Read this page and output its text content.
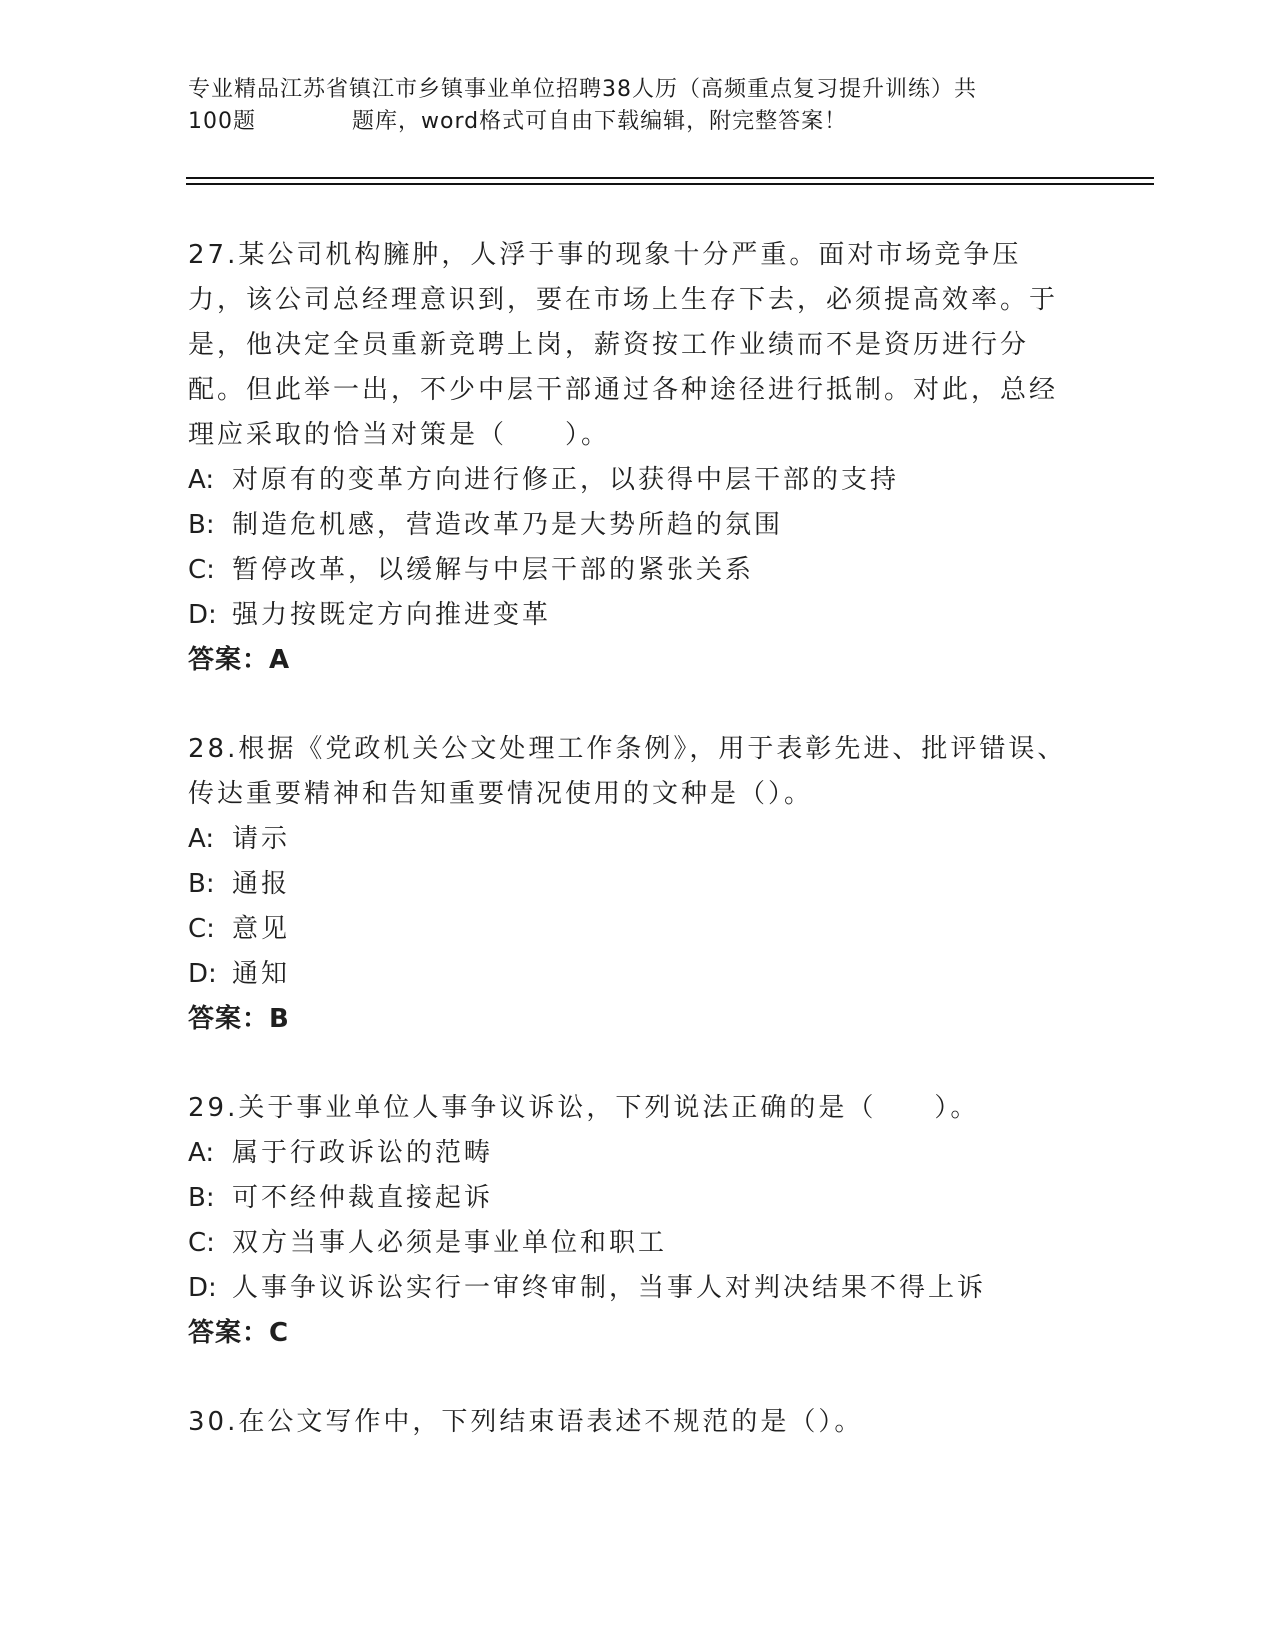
专业精品江苏省镇江市乡镇事业单位招聘38人历（高频重点复习提升训练）共
100题	题库，word格式可自由下载编辑，附完整答案！

27.某公司机构臃肿，人浮于事的现象十分严重。面对市场竞争压力，该公司总经理意识到，要在市场上生存下去，必须提高效率。于是，他决定全员重新竞聘上岗，薪资按工作业绩而不是资历进行分配。但此举一出，不少中层干部通过各种途径进行抵制。对此，总经理应采取的恰当对策是（　　）。

A: 对原有的变革方向进行修正，以获得中层干部的支持

B: 制造危机感，营造改革乃是大势所趋的氛围

C: 暂停改革，以缓解与中层干部的紧张关系

D: 强力按既定方向推进变革

答案：A

28.根据《党政机关公文处理工作条例》，用于表彰先进、批评错误、传达重要精神和告知重要情况使用的文种是（）。

A: 请示

B: 通报

C: 意见

D: 通知

答案：B

29.关于事业单位人事争议诉讼，下列说法正确的是（　　）。

A: 属于行政诉讼的范畴

B: 可不经仲裁直接起诉

C: 双方当事人必须是事业单位和职工

D: 人事争议诉讼实行一审终审制，当事人对判决结果不得上诉

答案：C

30.在公文写作中，下列结束语表述不规范的是（）。
